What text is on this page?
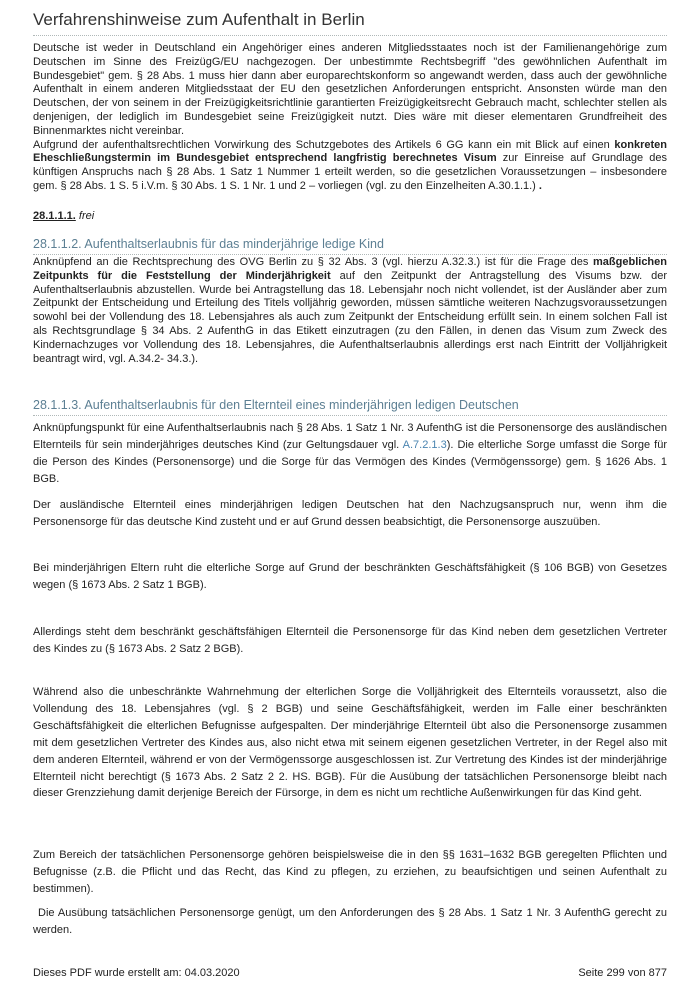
Verfahrenshinweise zum Aufenthalt in Berlin

Deutsche ist weder in Deutschland ein Angehöriger eines anderen Mitgliedsstaates noch ist der Familienangehörige zum Deutschen im Sinne des FreizügG/EU nachgezogen. Der unbestimmte Rechtsbegriff "des gewöhnlichen Aufenthalt im Bundesgebiet" gem. § 28 Abs. 1 muss hier dann aber europarechtskonform so angewandt werden, dass auch der gewöhnliche Aufenthalt in einem anderen Mitgliedsstaat der EU den gesetzlichen Anforderungen entspricht. Ansonsten würde man den Deutschen, der von seinem in der Freizügigkeitsrichtlinie garantierten Freizügigkeitsrecht Gebrauch macht, schlechter stellen als denjenigen, der lediglich im Bundesgebiet seine Freizügigkeit nutzt. Dies wäre mit dieser elementaren Grundfreiheit des Binnenmarktes nicht vereinbar.

Aufgrund der aufenthaltsrechtlichen Vorwirkung des Schutzgebotes des Artikels 6 GG kann ein mit Blick auf einen konkreten Eheschließungstermin im Bundesgebiet entsprechend langfristig berechnetes Visum zur Einreise auf Grundlage des künftigen Anspruchs nach § 28 Abs. 1 Satz 1 Nummer 1 erteilt werden, so die gesetzlichen Voraussetzungen – insbesondere gem. § 28 Abs. 1 S. 5 i.V.m. § 30 Abs. 1 S. 1 Nr. 1 und 2 – vorliegen (vgl. zu den Einzelheiten A.30.1.1.) .

28.1.1.1. frei

28.1.1.2. Aufenthaltserlaubnis für das minderjährige ledige Kind

Anknüpfend an die Rechtsprechung des OVG Berlin zu § 32 Abs. 3 (vgl. hierzu A.32.3.) ist für die Frage des maßgeblichen Zeitpunkts für die Feststellung der Minderjährigkeit auf den Zeitpunkt der Antragstellung des Visums bzw. der Aufenthaltserlaubnis abzustellen. Wurde bei Antragstellung das 18. Lebensjahr noch nicht vollendet, ist der Ausländer aber zum Zeitpunkt der Entscheidung und Erteilung des Titels volljährig geworden, müssen sämtliche weiteren Nachzugsvoraussetzungen sowohl bei der Vollendung des 18. Lebensjahres als auch zum Zeitpunkt der Entscheidung erfüllt sein. In einem solchen Fall ist als Rechtsgrundlage § 34 Abs. 2 AufenthG in das Etikett einzutragen (zu den Fällen, in denen das Visum zum Zweck des Kindernachzuges vor Vollendung des 18. Lebensjahres, die Aufenthaltserlaubnis allerdings erst nach Eintritt der Volljährigkeit beantragt wird, vgl. A.34.2- 34.3.).

28.1.1.3. Aufenthaltserlaubnis für den Elternteil eines minderjährigen ledigen Deutschen

Anknüpfungspunkt für eine Aufenthaltserlaubnis nach § 28 Abs. 1 Satz 1 Nr. 3 AufenthG ist die Personensorge des ausländischen Elternteils für sein minderjähriges deutsches Kind (zur Geltungsdauer vgl. A.7.2.1.3). Die elterliche Sorge umfasst die Sorge für die Person des Kindes (Personensorge) und die Sorge für das Vermögen des Kindes (Vermögenssorge) gem. § 1626 Abs. 1 BGB.

Der ausländische Elternteil eines minderjährigen ledigen Deutschen hat den Nachzugsanspruch nur, wenn ihm die Personensorge für das deutsche Kind zusteht und er auf Grund dessen beabsichtigt, die Personensorge auszuüben.

Bei minderjährigen Eltern ruht die elterliche Sorge auf Grund der beschränkten Geschäftsfähigkeit (§ 106 BGB) von Gesetzes wegen (§ 1673 Abs. 2 Satz 1 BGB).

Allerdings steht dem beschränkt geschäftsfähigen Elternteil die Personensorge für das Kind neben dem gesetzlichen Vertreter des Kindes zu (§ 1673 Abs. 2 Satz 2 BGB).

Während also die unbeschränkte Wahrnehmung der elterlichen Sorge die Volljährigkeit des Elternteils voraussetzt, also die Vollendung des 18. Lebensjahres (vgl. § 2 BGB) und seine Geschäftsfähigkeit, werden im Falle einer beschränkten Geschäftsfähigkeit die elterlichen Befugnisse aufgespalten. Der minderjährige Elternteil übt also die Personensorge zusammen mit dem gesetzlichen Vertreter des Kindes aus, also nicht etwa mit seinem eigenen gesetzlichen Vertreter, in der Regel also mit dem anderen Elternteil, während er von der Vermögenssorge ausgeschlossen ist. Zur Vertretung des Kindes ist der minderjährige Elternteil nicht berechtigt (§ 1673 Abs. 2 Satz 2 2. HS. BGB). Für die Ausübung der tatsächlichen Personensorge bleibt nach dieser Grenzziehung damit derjenige Bereich der Fürsorge, in dem es nicht um rechtliche Außenwirkungen für das Kind geht.

Zum Bereich der tatsächlichen Personensorge gehören beispielsweise die in den §§ 1631–1632 BGB geregelten Pflichten und Befugnisse (z.B. die Pflicht und das Recht, das Kind zu pflegen, zu erziehen, zu beaufsichtigen und seinen Aufenthalt zu bestimmen).

Die Ausübung tatsächlichen Personensorge genügt, um den Anforderungen des § 28 Abs. 1 Satz 1 Nr. 3 AufenthG gerecht zu werden.

Dieses PDF wurde erstellt am: 04.03.2020	Seite 299 von 877
